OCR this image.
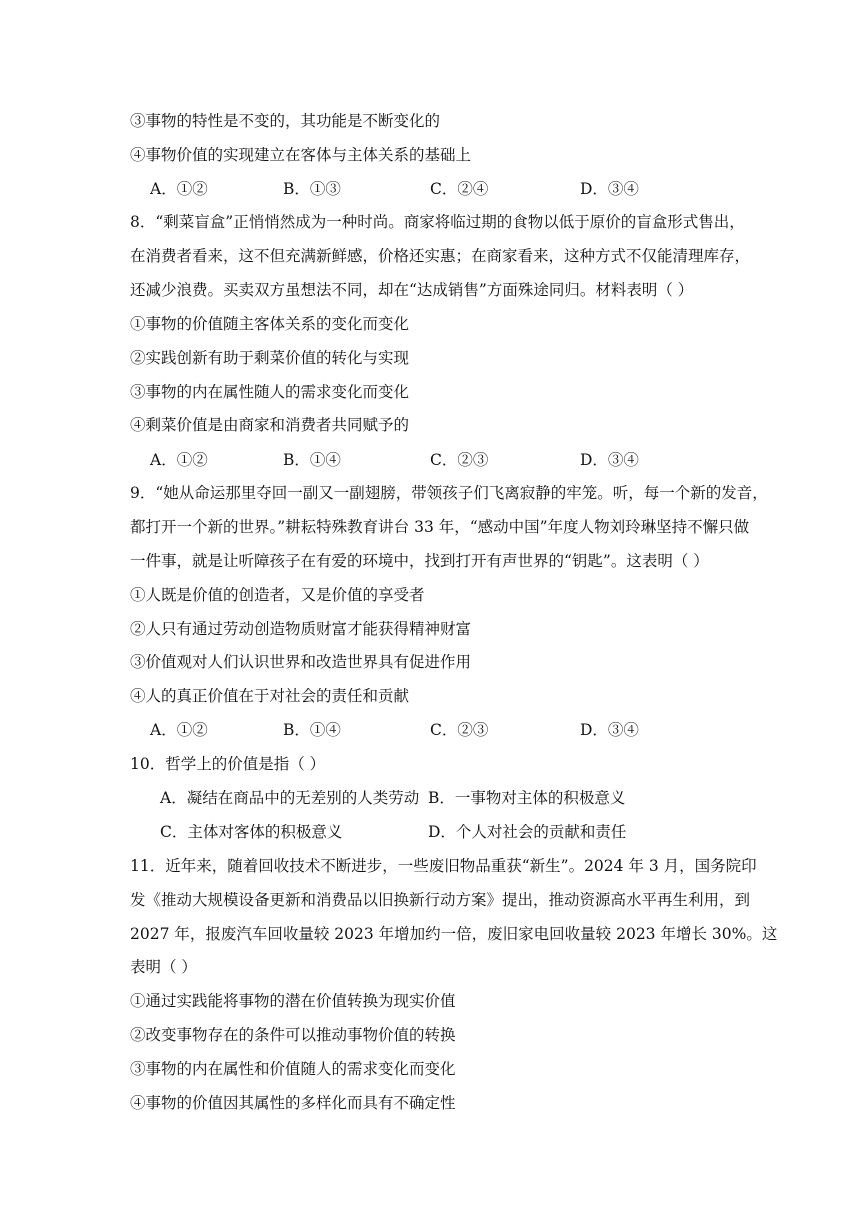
③事物的特性是不变的，其功能是不断变化的
④事物价值的实现建立在客体与主体关系的基础上
A．①②	B．①③	C．②④	D．③④
8．“剩菜盲盒”正悄悄然成为一种时尚。商家将临过期的食物以低于原价的盲盒形式售出，
在消费者看来，这不但充满新鲜感，价格还实惠；在商家看来，这种方式不仅能清理库存，
还减少浪费。买卖双方虽想法不同，却在“达成销售”方面殊途同归。材料表明（ ）
①事物的价值随主客体关系的变化而变化
②实践创新有助于剩菜价值的转化与实现
③事物的内在属性随人的需求变化而变化
④剩菜价值是由商家和消费者共同赋予的
A．①②	B．①④	C．②③	D．③④
9．“她从命运那里夺回一副又一副翅膀，带领孩子们飞离寂静的牢笼。听，每一个新的发音，
都打开一个新的世界。”耕耘特殊教育讲台 33 年，“感动中国”年度人物刘玲琳坚持不懈只做
一件事，就是让听障孩子在有爱的环境中，找到打开有声世界的“钥匙”。这表明（ ）
①人既是价值的创造者，又是价值的享受者
②人只有通过劳动创造物质财富才能获得精神财富
③价值观对人们认识世界和改造世界具有促进作用
④人的真正价值在于对社会的责任和贡献
A．①②	B．①④	C．②③	D．③④
10．哲学上的价值是指（ ）
A．凝结在商品中的无差别的人类劳动 B．一事物对主体的积极意义
C．主体对客体的积极意义	D．个人对社会的贡献和责任
11．近年来，随着回收技术不断进步，一些废旧物品重获“新生”。2024 年 3 月，国务院印
发《推动大规模设备更新和消费品以旧换新行动方案》提出，推动资源高水平再生利用，到
2027 年，报废汽车回收量较 2023 年增加约一倍，废旧家电回收量较 2023 年增长 30%。这
表明（ ）
①通过实践能将事物的潜在价值转换为现实价值
②改变事物存在的条件可以推动事物价值的转换
③事物的内在属性和价值随人的需求变化而变化
④事物的价值因其属性的多样化而具有不确定性
